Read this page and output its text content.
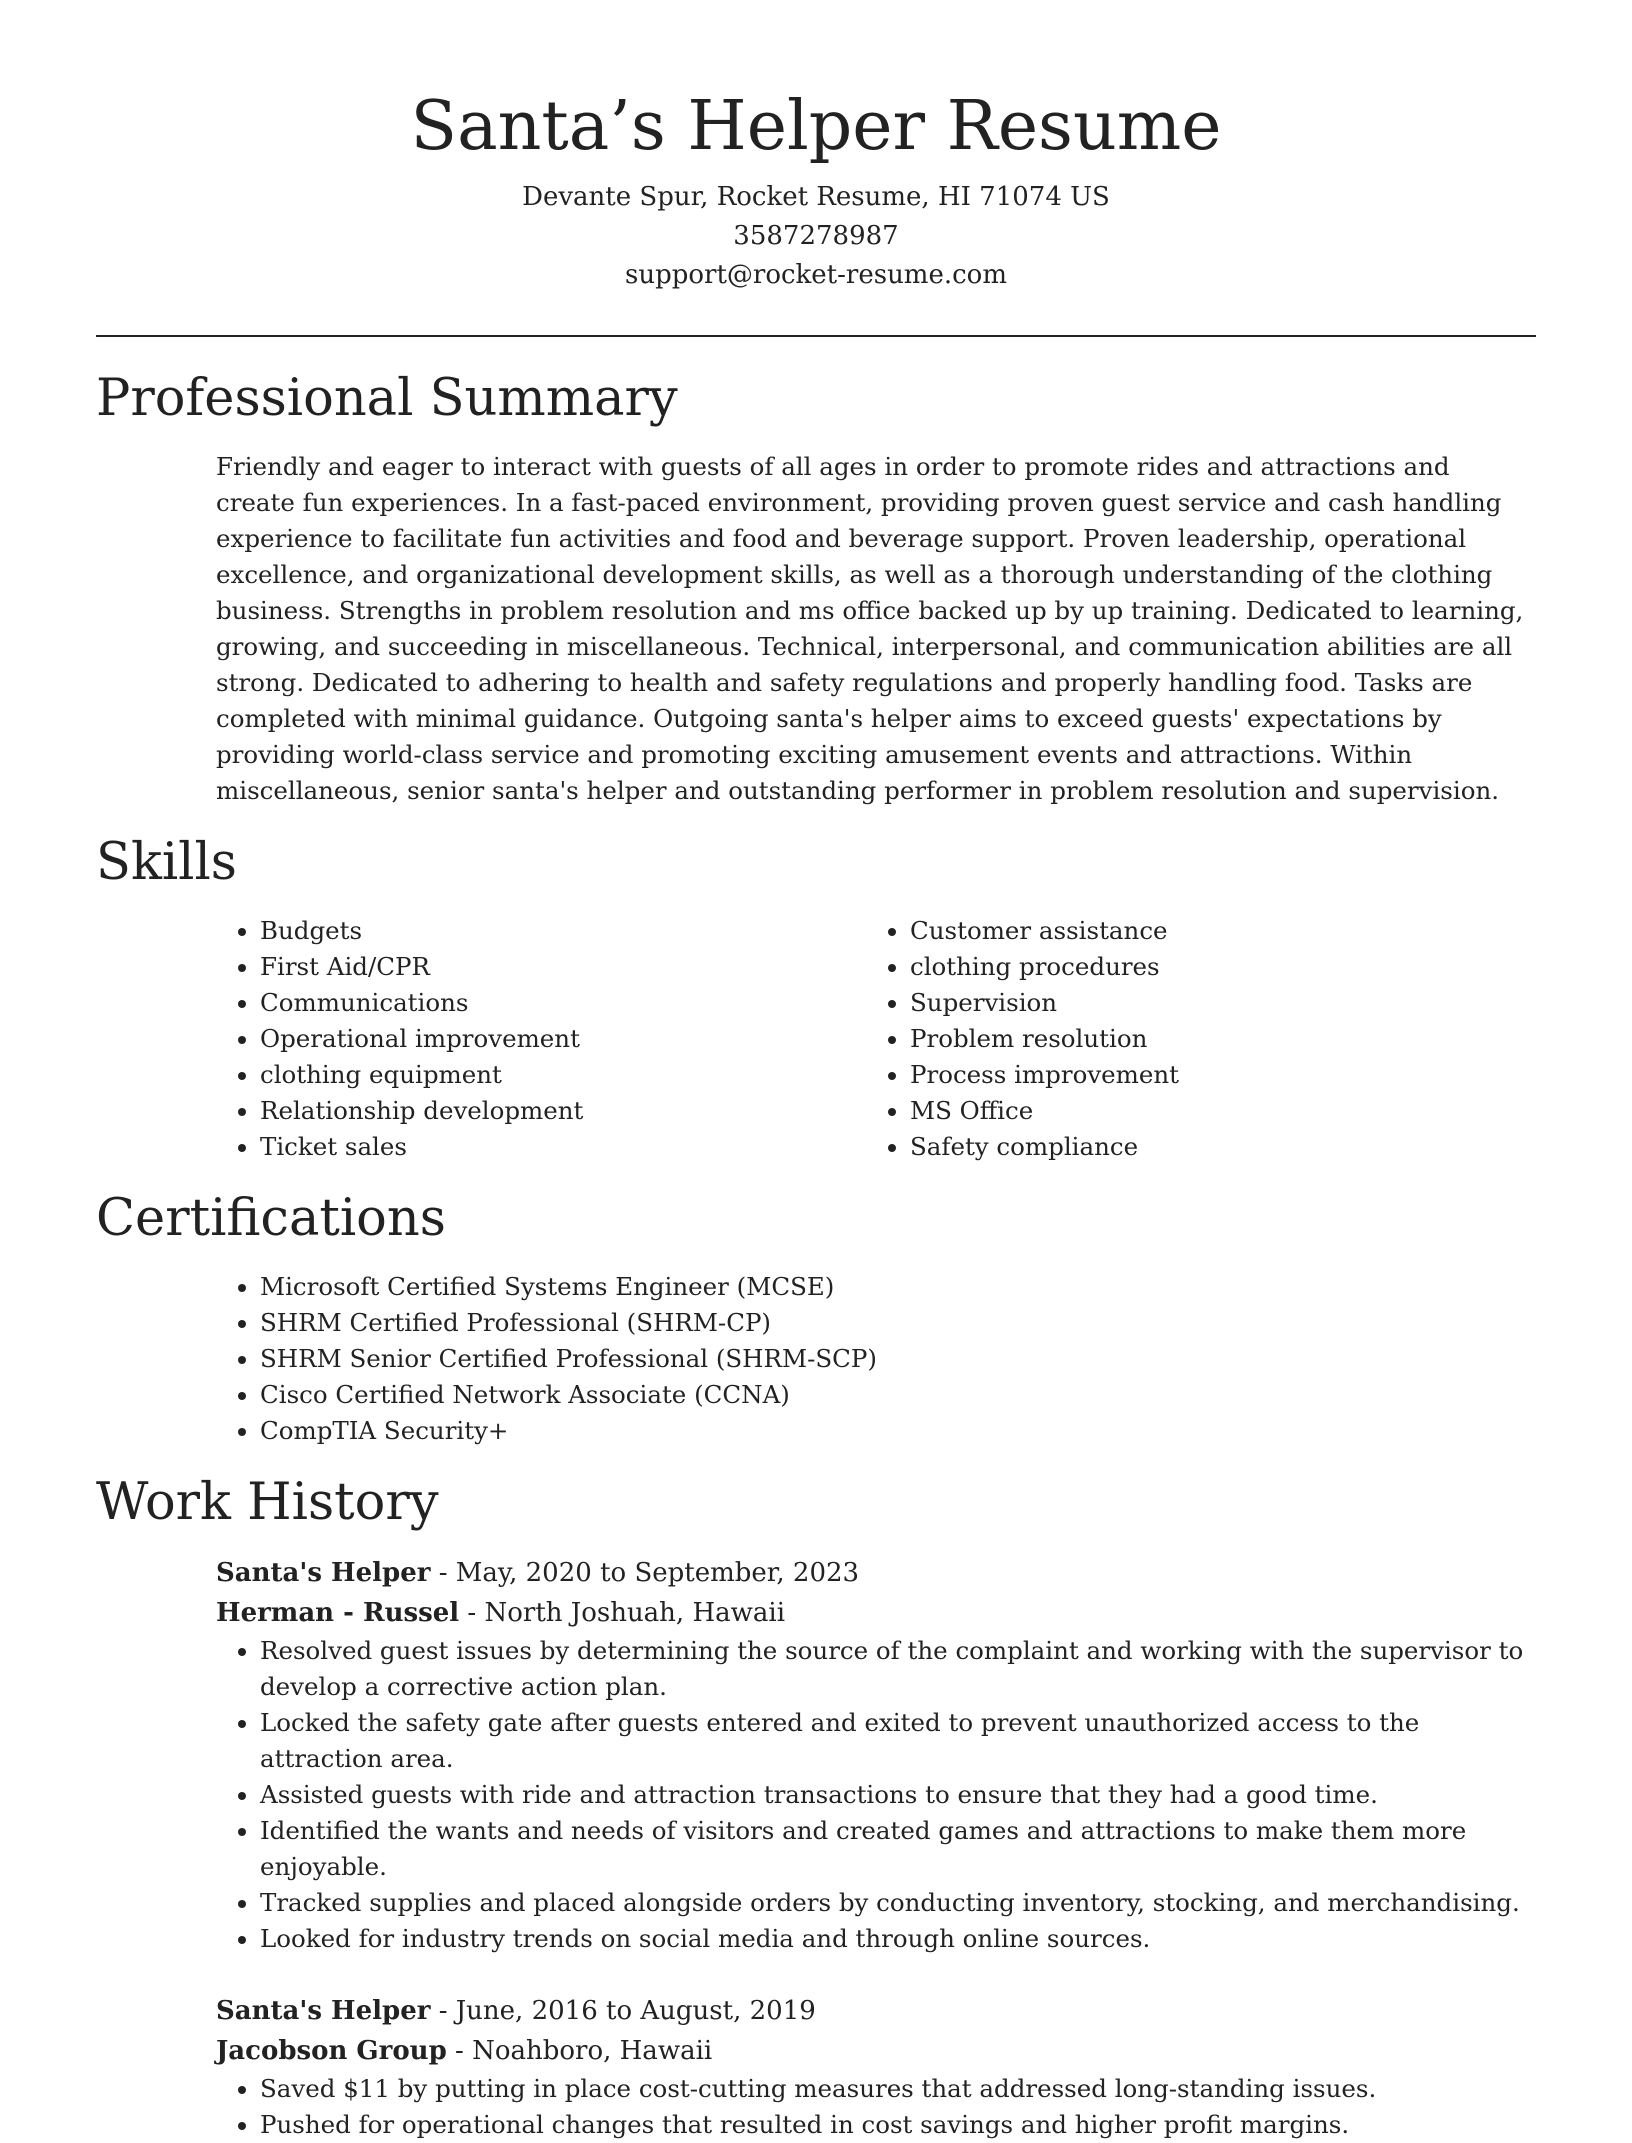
Santa’s Helper Resume

Devante Spur, Rocket Resume, HI 71074 US

3587278987

support@rocket-resume.com

Professional Summary

Friendly and eager to interact with guests of all ages in order to promote rides and attractions and create fun experiences. In a fast-paced environment, providing proven guest service and cash handling experience to facilitate fun activities and food and beverage support. Proven leadership, operational excellence, and organizational development skills, as well as a thorough understanding of the clothing business. Strengths in problem resolution and ms office backed up by up training. Dedicated to learning, growing, and succeeding in miscellaneous. Technical, interpersonal, and communication abilities are all strong. Dedicated to adhering to health and safety regulations and properly handling food. Tasks are completed with minimal guidance. Outgoing santa's helper aims to exceed guests' expectations by providing world-class service and promoting exciting amusement events and attractions. Within miscellaneous, senior santa's helper and outstanding performer in problem resolution and supervision.

Skills
• Budgets
• First Aid/CPR
• Communications
• Operational improvement
• clothing equipment
• Relationship development
• Ticket sales
• Customer assistance
• clothing procedures
• Supervision
• Problem resolution
• Process improvement
• MS Office
• Safety compliance
Certifications
• Microsoft Certified Systems Engineer (MCSE)
• SHRM Certified Professional (SHRM-CP)
• SHRM Senior Certified Professional (SHRM-SCP)
• Cisco Certified Network Associate (CCNA)
• CompTIA Security+
Work History

Santa's Helper - May, 2020 to September, 2023

Herman - Russel - North Joshuah, Hawaii

• Resolved guest issues by determining the source of the complaint and working with the supervisor to develop a corrective action plan.
• Locked the safety gate after guests entered and exited to prevent unauthorized access to the attraction area.
• Assisted guests with ride and attraction transactions to ensure that they had a good time.
• Identified the wants and needs of visitors and created games and attractions to make them more enjoyable.
• Tracked supplies and placed alongside orders by conducting inventory, stocking, and merchandising.
• Looked for industry trends on social media and through online sources.

Santa's Helper - June, 2016 to August, 2019

Jacobson Group - Noahboro, Hawaii

• Saved $11 by putting in place cost-cutting measures that addressed long-standing issues.
• Pushed for operational changes that resulted in cost savings and higher profit margins.
